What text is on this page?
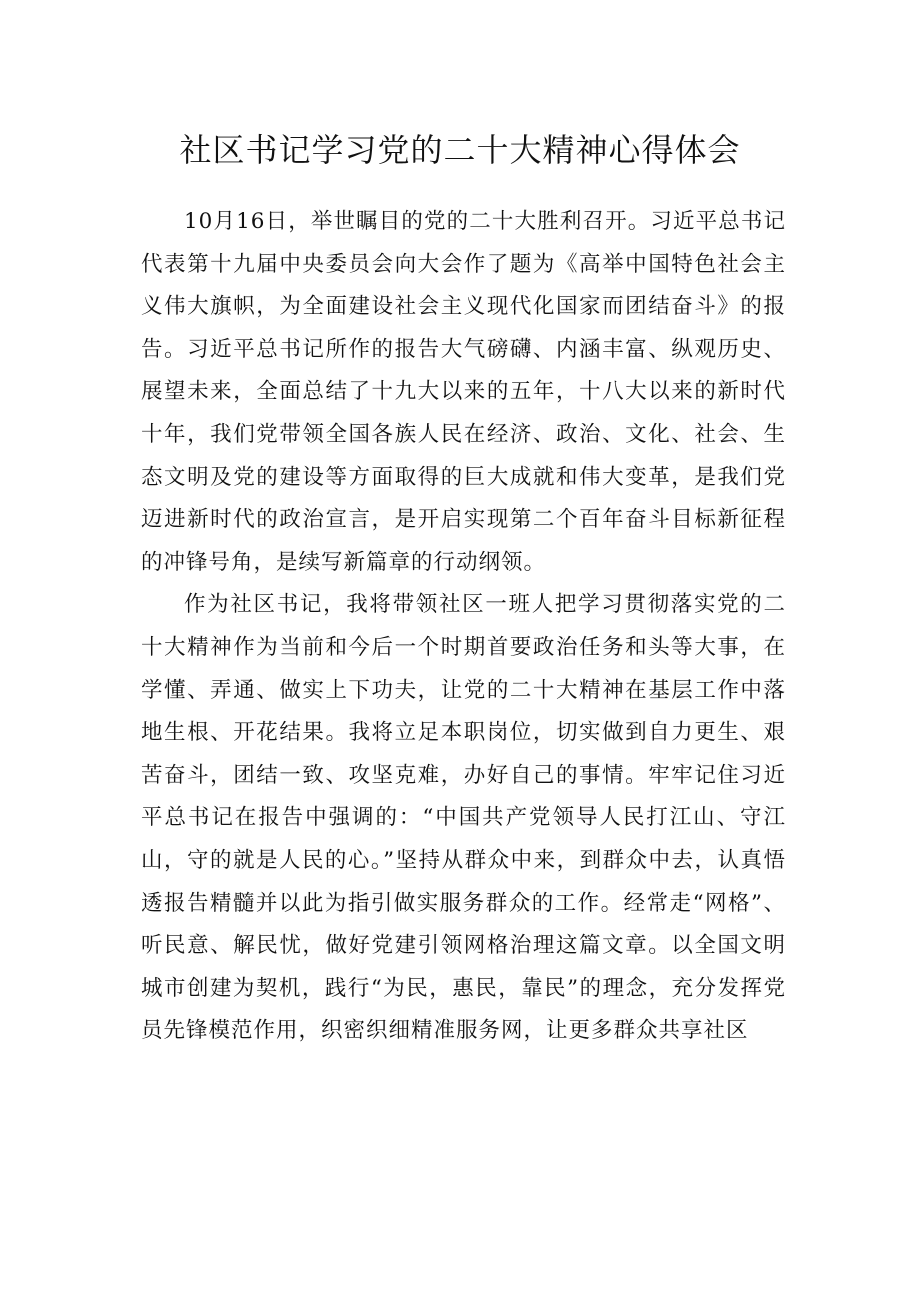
社区书记学习党的二十大精神心得体会

10月16日，举世瞩目的党的二十大胜利召开。习近平总书记代表第十九届中央委员会向大会作了题为《高举中国特色社会主义伟大旗帜，为全面建设社会主义现代化国家而团结奋斗》的报告。习近平总书记所作的报告大气磅礴、内涵丰富、纵观历史、展望未来，全面总结了十九大以来的五年，十八大以来的新时代十年，我们党带领全国各族人民在经济、政治、文化、社会、生态文明及党的建设等方面取得的巨大成就和伟大变革，是我们党迈进新时代的政治宣言，是开启实现第二个百年奋斗目标新征程的冲锋号角，是续写新篇章的行动纲领。

作为社区书记，我将带领社区一班人把学习贯彻落实党的二十大精神作为当前和今后一个时期首要政治任务和头等大事，在学懂、弄通、做实上下功夫，让党的二十大精神在基层工作中落地生根、开花结果。我将立足本职岗位，切实做到自力更生、艰苦奋斗，团结一致、攻坚克难，办好自己的事情。牢牢记住习近平总书记在报告中强调的：“中国共产党领导人民打江山、守江山，守的就是人民的心。”坚持从群众中来，到群众中去，认真悟透报告精髓并以此为指引做实服务群众的工作。经常走“网格”、听民意、解民忧，做好党建引领网格治理这篇文章。以全国文明城市创建为契机，践行“为民，惠民，靠民”的理念，充分发挥党员先锋模范作用，织密织细精准服务网，让更多群众共享社区
